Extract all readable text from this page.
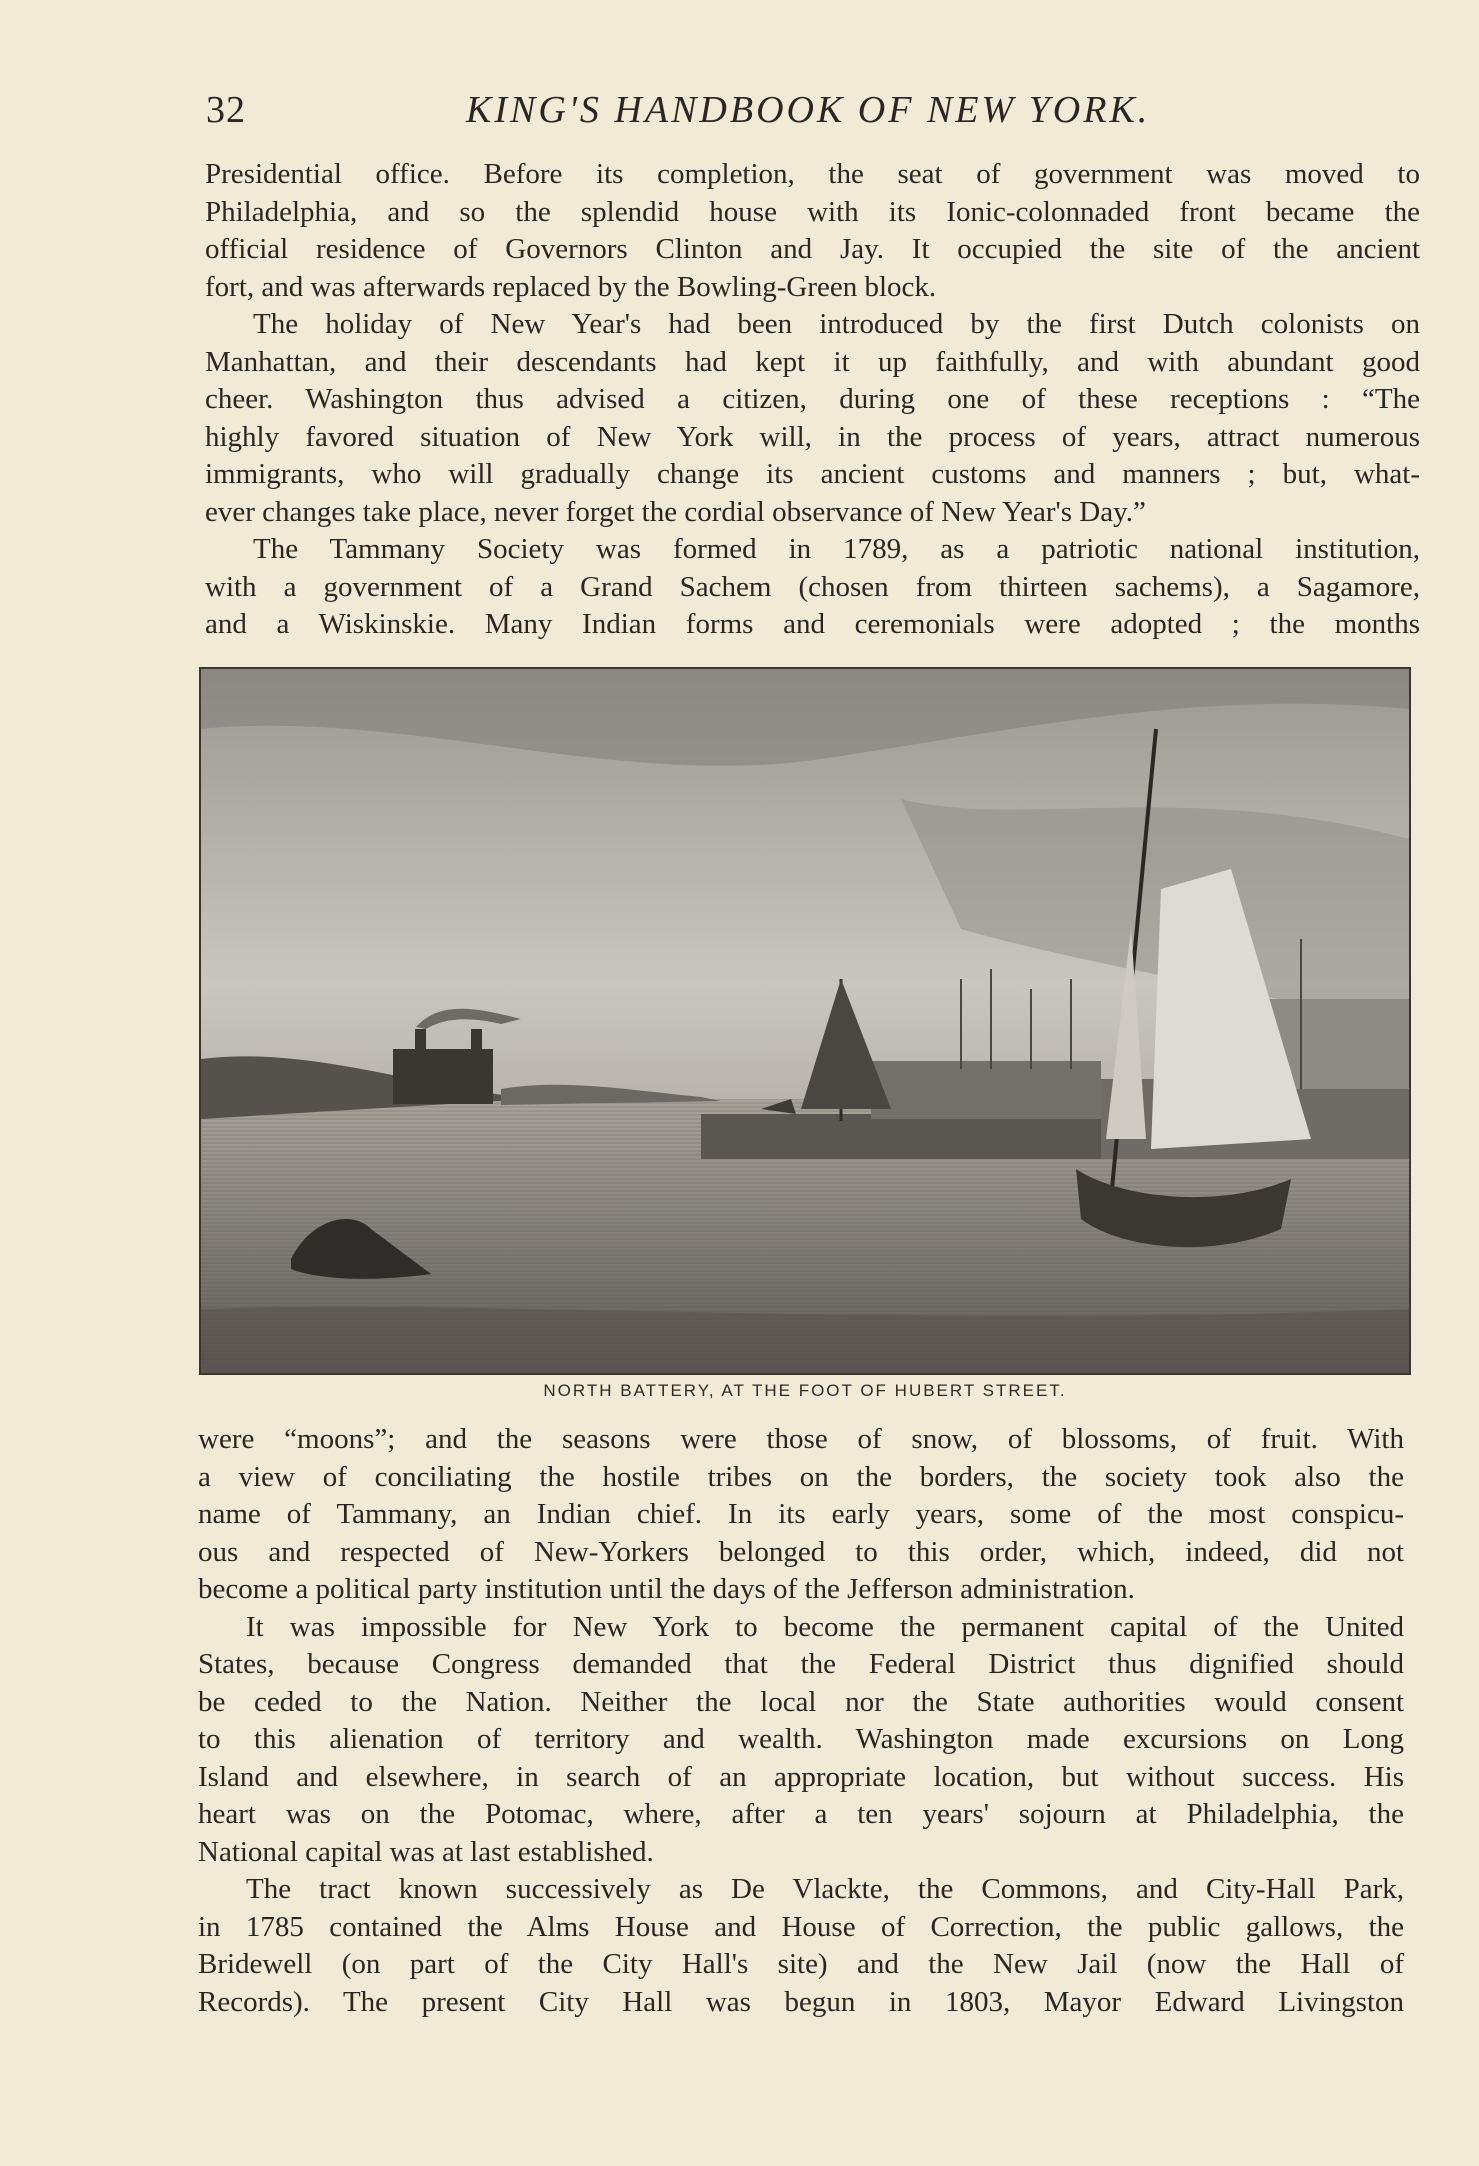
32	KING'S HANDBOOK OF NEW YORK.
Presidential office. Before its completion, the seat of government was moved to
Philadelphia, and so the splendid house with its Ionic-colonnaded front became the
official residence of Governors Clinton and Jay. It occupied the site of the ancient
fort, and was afterwards replaced by the Bowling-Green block.
The holiday of New Year's had been introduced by the first Dutch colonists on
Manhattan, and their descendants had kept it up faithfully, and with abundant good
cheer. Washington thus advised a citizen, during one of these receptions : “The
highly favored situation of New York will, in the process of years, attract numerous
immigrants, who will gradually change its ancient customs and manners ; but, what-
ever changes take place, never forget the cordial observance of New Year's Day.”
The Tammany Society was formed in 1789, as a patriotic national institution,
with a government of a Grand Sachem (chosen from thirteen sachems), a Sagamore,
and a Wiskinskie. Many Indian forms and ceremonials were adopted ; the months
NORTH BATTERY, AT THE FOOT OF HUBERT STREET.
were “moons”; and the seasons were those of snow, of blossoms, of fruit. With
a view of conciliating the hostile tribes on the borders, the society took also the
name of Tammany, an Indian chief. In its early years, some of the most conspicu-
ous and respected of New-Yorkers belonged to this order, which, indeed, did not
become a political party institution until the days of the Jefferson administration.
It was impossible for New York to become the permanent capital of the United
States, because Congress demanded that the Federal District thus dignified should
be ceded to the Nation. Neither the local nor the State authorities would consent
to this alienation of territory and wealth. Washington made excursions on Long
Island and elsewhere, in search of an appropriate location, but without success. His
heart was on the Potomac, where, after a ten years' sojourn at Philadelphia, the
National capital was at last established.
The tract known successively as De Vlackte, the Commons, and City-Hall Park,
in 1785 contained the Alms House and House of Correction, the public gallows, the
Bridewell (on part of the City Hall's site) and the New Jail (now the Hall of
Records). The present City Hall was begun in 1803, Mayor Edward Livingston
